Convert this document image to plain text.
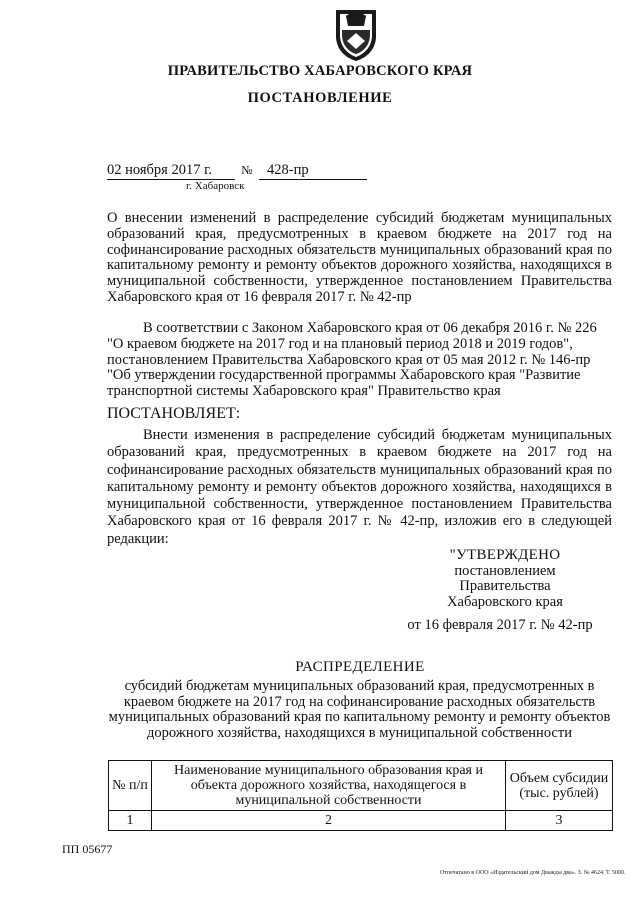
ПРАВИТЕЛЬСТВО ХАБАРОВСКОГО КРАЯ
ПОСТАНОВЛЕНИЕ
02 ноября 2017 г. № 428-пр
г. Хабаровск
О внесении изменений в распределение субсидий бюджетам муниципальных образований края, предусмотренных в краевом бюджете на 2017 год на софинансирование расходных обязательств муниципальных образований края по капитальному ремонту и ремонту объектов дорожного хозяйства, находящихся в муниципальной собственности, утвержденное постановлением Правительства Хабаровского края от 16 февраля 2017 г. № 42-пр

В соответствии с Законом Хабаровского края от 06 декабря 2016 г. № 226

"О краевом бюджете на 2017 год и на плановый период 2018 и 2019 годов",
постановлением Правительства Хабаровского края от 05 мая 2012 г. № 146-пр
"Об утверждении государственной программы Хабаровского края "Развитие
транспортной системы Хабаровского края" Правительство края
ПОСТАНОВЛЯЕТ:
Внести изменения в распределение субсидий бюджетам муниципальных образований края, предусмотренных в краевом бюджете на 2017 год на софинансирование расходных обязательств муниципальных образований края по капитальному ремонту и ремонту объектов дорожного хозяйства, находящихся в муниципальной собственности, утвержденное постановлением Правительства Хабаровского края от 16 февраля 2017 г. № 42-пр, изложив его в следующей редакции:
"УТВЕРЖДЕНО
постановлением
Правительства
Хабаровского края
от 16 февраля 2017 г. № 42-пр
РАСПРЕДЕЛЕНИЕ
субсидий бюджетам муниципальных образований края, предусмотренных в краевом бюджете на 2017 год на софинансирование расходных обязательств муниципальных образований края по капитальному ремонту и ремонту объектов дорожного хозяйства, находящихся в муниципальной собственности
№ п/п	Наименование муниципального образования края и объекта дорожного хозяйства, находящегося в муниципальной собственности	Объем субсидии (тыс. рублей)
1	2	3
ПП 05677
Отпечатано в ООО «Издательский дом Дважды два». З. № 4624. Т. 5000.
